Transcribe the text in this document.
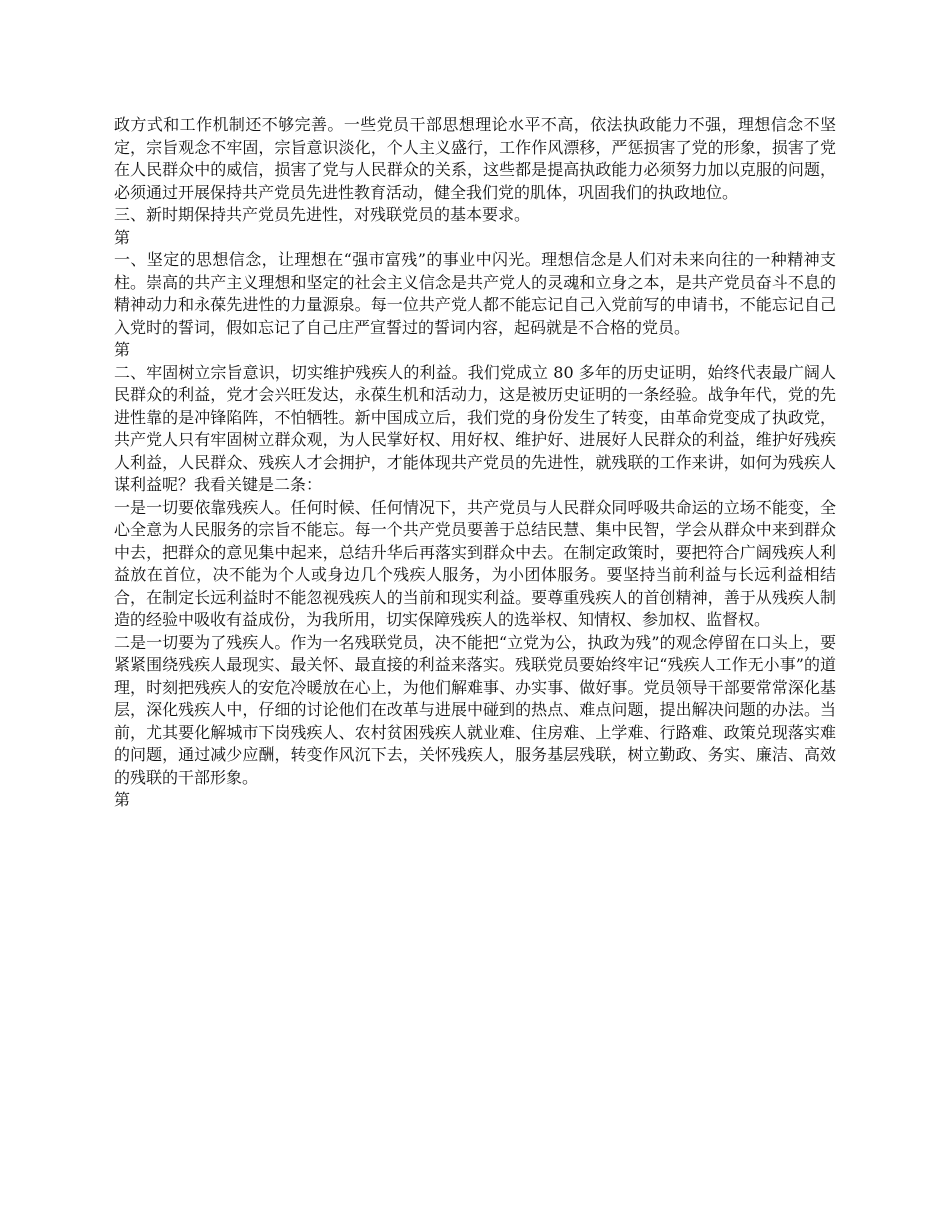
政方式和工作机制还不够完善。一些党员干部思想理论水平不高，依法执政能力不强，理想信念不坚定，宗旨观念不牢固，宗旨意识淡化，个人主义盛行，工作作风漂移，严惩损害了党的形象，损害了党在人民群众中的威信，损害了党与人民群众的关系，这些都是提高执政能力必须努力加以克服的问题，必须通过开展保持共产党员先进性教育活动，健全我们党的肌体，巩固我们的执政地位。

三、新时期保持共产党员先进性，对残联党员的基本要求。

第

一、坚定的思想信念，让理想在“强市富残”的事业中闪光。理想信念是人们对未来向往的一种精神支柱。崇高的共产主义理想和坚定的社会主义信念是共产党人的灵魂和立身之本，是共产党员奋斗不息的精神动力和永葆先进性的力量源泉。每一位共产党人都不能忘记自己入党前写的申请书，不能忘记自己入党时的誓词，假如忘记了自己庄严宣誓过的誓词内容，起码就是不合格的党员。

第

二、牢固树立宗旨意识，切实维护残疾人的利益。我们党成立 80 多年的历史证明，始终代表最广阔人民群众的利益，党才会兴旺发达，永葆生机和活动力，这是被历史证明的一条经验。战争年代，党的先进性靠的是冲锋陷阵，不怕牺牲。新中国成立后，我们党的身份发生了转变，由革命党变成了执政党，共产党人只有牢固树立群众观，为人民掌好权、用好权、维护好、进展好人民群众的利益，维护好残疾人利益，人民群众、残疾人才会拥护，才能体现共产党员的先进性，就残联的工作来讲，如何为残疾人谋利益呢？我看关键是二条：

一是一切要依靠残疾人。任何时候、任何情况下，共产党员与人民群众同呼吸共命运的立场不能变，全心全意为人民服务的宗旨不能忘。每一个共产党员要善于总结民慧、集中民智，学会从群众中来到群众中去，把群众的意见集中起来，总结升华后再落实到群众中去。在制定政策时，要把符合广阔残疾人利益放在首位，决不能为个人或身边几个残疾人服务，为小团体服务。要坚持当前利益与长远利益相结合，在制定长远利益时不能忽视残疾人的当前和现实利益。要尊重残疾人的首创精神，善于从残疾人制造的经验中吸收有益成份，为我所用，切实保障残疾人的选举权、知情权、参加权、监督权。

二是一切要为了残疾人。作为一名残联党员，决不能把“立党为公，执政为残”的观念停留在口头上，要紧紧围绕残疾人最现实、最关怀、最直接的利益来落实。残联党员要始终牢记“残疾人工作无小事”的道理，时刻把残疾人的安危冷暖放在心上，为他们解难事、办实事、做好事。党员领导干部要常常深化基层，深化残疾人中，仔细的讨论他们在改革与进展中碰到的热点、难点问题，提出解决问题的办法。当前，尤其要化解城市下岗残疾人、农村贫困残疾人就业难、住房难、上学难、行路难、政策兑现落实难的问题，通过减少应酬，转变作风沉下去，关怀残疾人，服务基层残联，树立勤政、务实、廉洁、高效的残联的干部形象。

第
